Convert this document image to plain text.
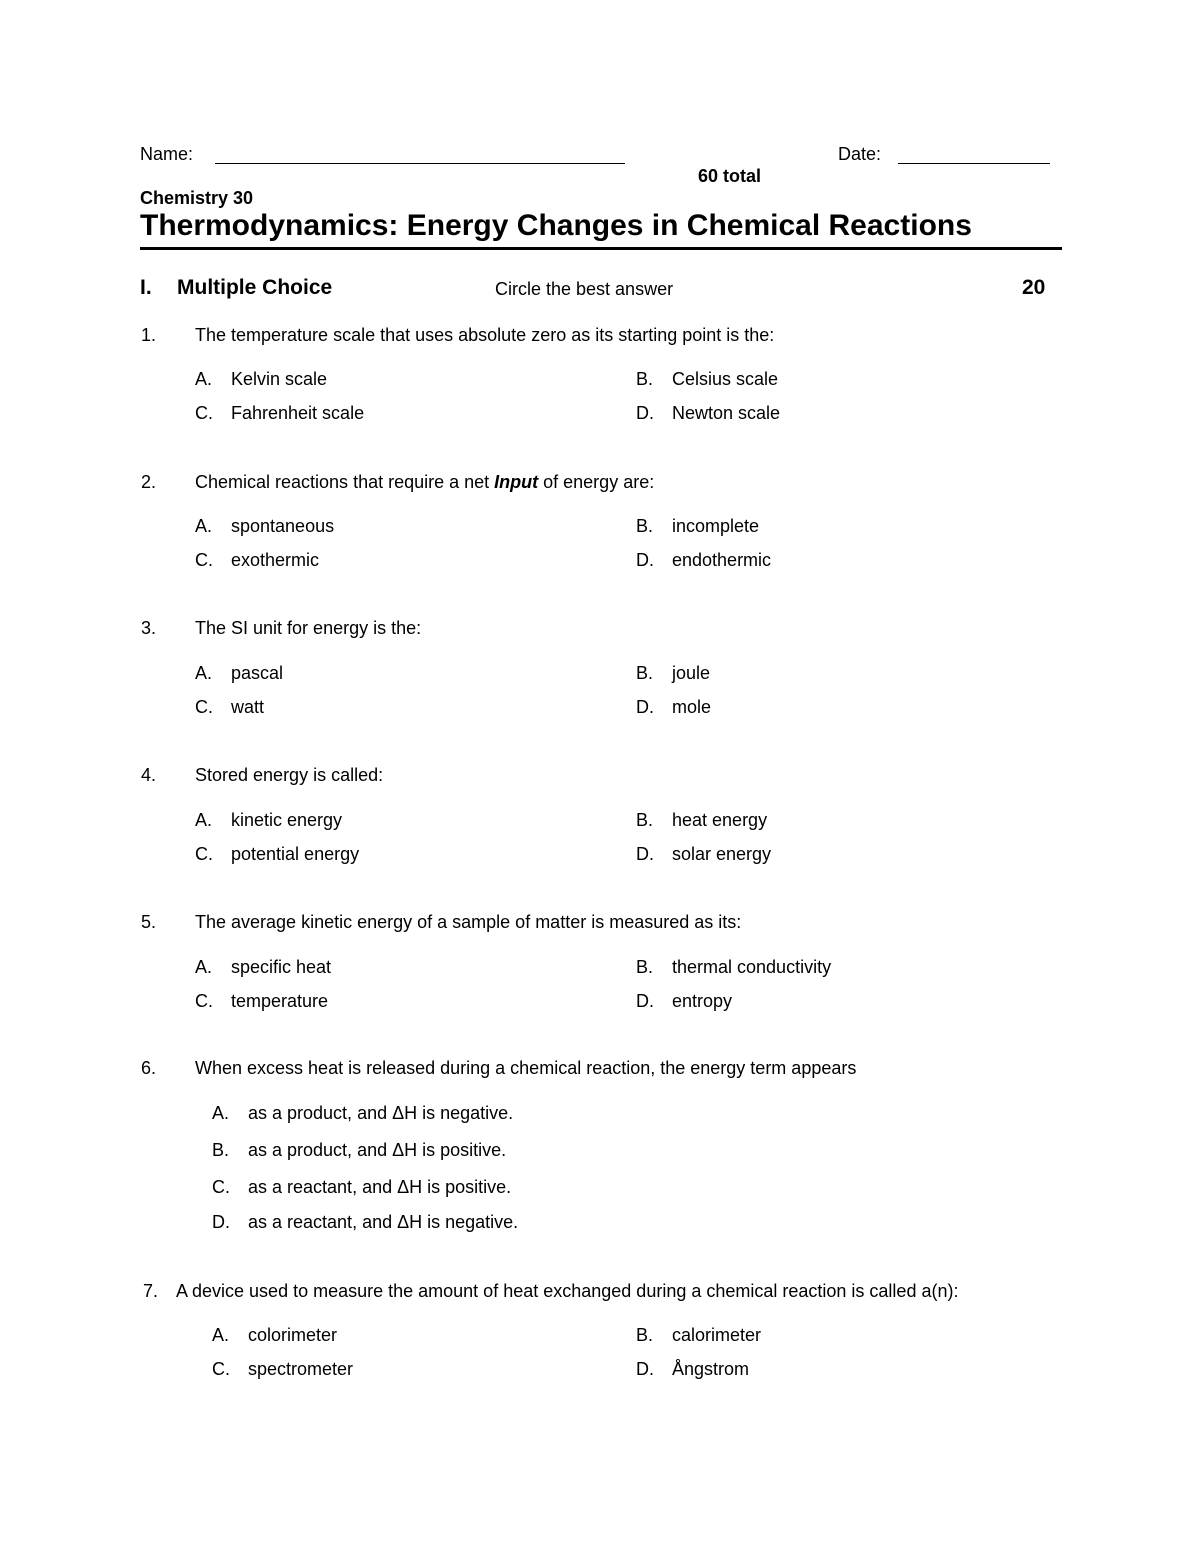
Name:	Date:
60 total
Chemistry 30
Thermodynamics: Energy Changes in Chemical Reactions
I. Multiple Choice	Circle the best answer	20
1. The temperature scale that uses absolute zero as its starting point is the:
A. Kelvin scale	B. Celsius scale
C. Fahrenheit scale	D. Newton scale
2. Chemical reactions that require a net Input of energy are:
A. spontaneous	B. incomplete
C. exothermic	D. endothermic
3. The SI unit for energy is the:
A. pascal	B. joule
C. watt	D. mole
4. Stored energy is called:
A. kinetic energy	B. heat energy
C. potential energy	D. solar energy
5. The average kinetic energy of a sample of matter is measured as its:
A. specific heat	B. thermal conductivity
C. temperature	D. entropy
6. When excess heat is released during a chemical reaction, the energy term appears
A. as a product, and ΔH is negative.
B. as a product, and ΔH is positive.
C. as a reactant, and ΔH is positive.
D. as a reactant, and ΔH is negative.
7. A device used to measure the amount of heat exchanged during a chemical reaction is called a(n):
A. colorimeter	B. calorimeter
C. spectrometer	D. Ångstrom
